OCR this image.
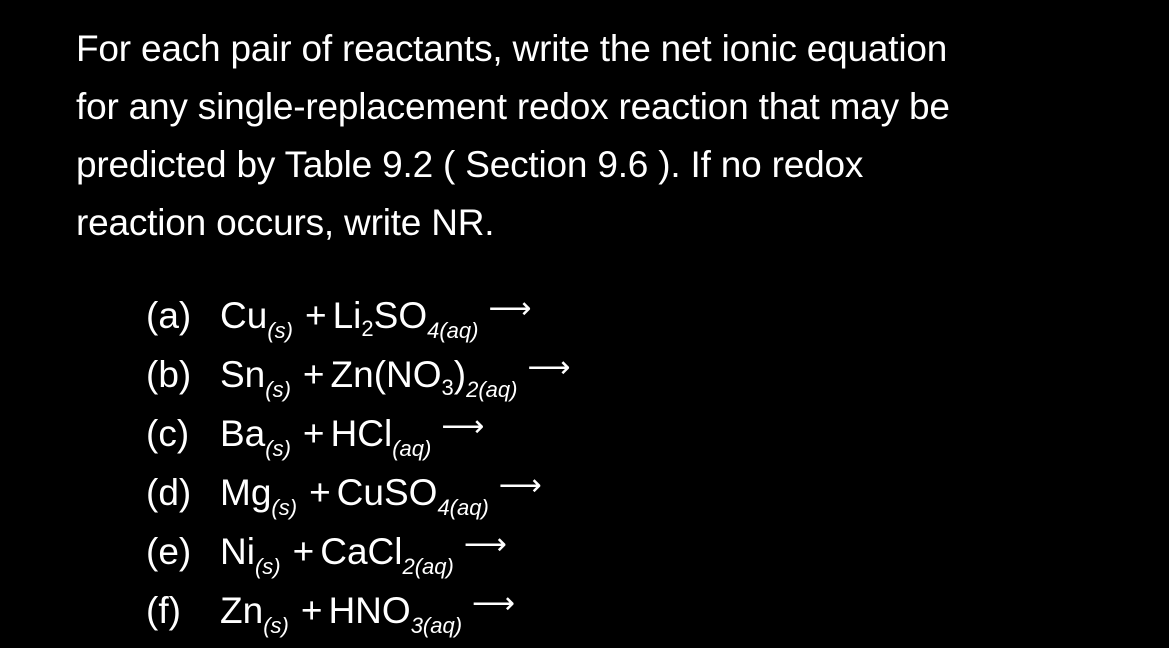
For each pair of reactants, write the net ionic equation
for any single-replacement redox reaction that may be
predicted by Table 9.2 ( Section 9.6 ). If no redox
reaction occurs, write NR.
(a) $Cu_{(s)}$ + $Li_2SO_{4(aq)}⟶$
(b) $Sn_{(s)}$ + $Zn(NO_3)_{2(aq)}⟶$
(c) $Ba_{(s)}$ + HCl$_{(aq)}$⟶
(d) $Mg_{(s)}$ + CuSO$_{4(aq)}$⟶
(e) $Ni_{(s)}$ + CaCl$_{2(aq)}$⟶
(f) $Zn_{(s)}$ + $HNO_{3(aq)}⟶$
